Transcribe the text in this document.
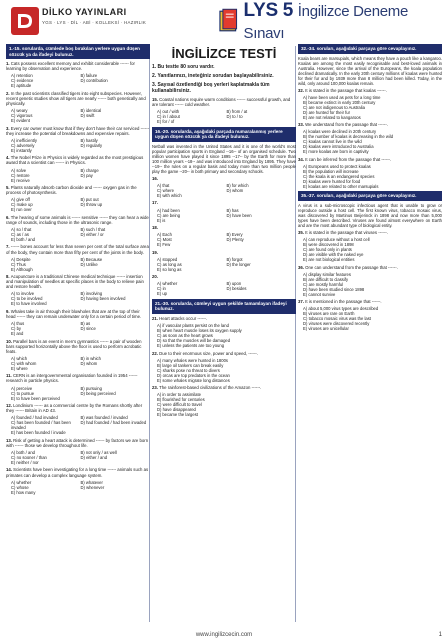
DİLKO YAYINLARI
YGS · LYS · DİL · ABİ · KOLLEKSİ · HAZIRLIK
LYS 5 İngilizce Deneme Sınavı
1.-15. sorularda, cümlede boş bırakılan yerlere uygun düşen sözcük ya da ifadeyi bulunuz.
1. Cats possess excellent memory and exhibit considerable ------ for learning by observation and experience.
A) retention	B) failure
C) evidence	D) contribution
E) aptitude
2. In the past scientists classified tigers into eight subspecies. However, recent genetic studies show all tigers are nearly ------ both genetically and physically.
A) weary	B) identical
C) vigorous	D) swift
E) evident
3. Every car owner must know that if they don't have their car serviced ------ they increase the potential of breakdowns and expensive repairs.
A) inefficiently	B) hastily
C) adversely	D) regularly
E) instantly
4. The Nobel Prize in Physics is widely regarded as the most prestigious award that a scientist can ------ in Physics.
A) solve	B) charge
C) restore	D) pay
E) receive
5. Plants naturally absorb carbon dioxide and ------ oxygen gas in the process of photosynthesis.
A) give off	B) put out
C) make up	D) throw up
E) run over
6. The hearing of some animals is ------ sensitive ------ they can hear a wide range of sounds, including those in the ultrasonic range.
A) so / that	B) such / that
C) as / as	D) either / or
E) both / and
7. ------ bones account for less than seven per cent of the total surface area of the body, they contain more than fifty per cent of the joints in the body.
A) Despite	B) Because
C) Thus	D) Unlike
E) Although
8. Acupuncture is a traditional Chinese medical technique ------ insertion and manipulation of needles at specific places in the body to relieve pain and restore health.
A) to involve	B) involving
C) to be involved	D) having been involved
E) to have involved
9. Whales take in air through their blowholes that are at the top of their head ------ they can remain underwater only for a certain period of time.
A) thus	B) as
C) by	D) since
E) and
10. Parallel bars is an event in men's gymnastics ------ a pair of wooden bars supported horizontally above the floor is used to perform acrobatic feats.
A) which	B) in which
C) with whom	D) whom
E) where
11. CERN is an intergovernmental organisation founded in 1954 ------ research in particle physics.
A) perceive	B) pursuing
C) to pursue	D) being perceived
E) to have been perceived
12. Londinium ------ as a commercial centre by the Romans shortly after they ------ Britain in AD 43.
A) founded / had invaded	B) was founded / invaded
C) has been founded / has been invaded
D) had founded / had been invaded
E) has been founded / invade
13. Risk of getting a heart attack is determined ------ by factors we are born with ------ those we develop throughout life.
A) both / and	B) not only / as well
C) no sooner / than	D) either / and
E) neither / nor
14. Scientists have been investigating for a long time ------ animals such as primates can develop a complex language system.
A) whether	B) whatever
C) whose	D) whenever
E) how many
İNGİLİZCE TESTİ
1. Bu testte 80 soru vardır.
2. Yanıtlarınızı, ineteğiniz sorudan başlayabilirsiniz.
3. Sayısal özetlendiği boş yerleri kaplatmakla tüm kullanabilirsiniz.
15. Coastal nations require warm conditions ------ successful growth, and are tolerant ------ cold weather.
A) out / with	B) from / at
C) in / about	D) to / to
E) for / of
16.-20. sorularda, aşağıdaki parçada numaralanmış yerlere uygun düşen sözcük ya da ifadeyi bulunuz.
Netball was invented in the United States and it is one of the world's most popular participation sports in England --16-- of an organised schedule. Two million women have played it since 1895 --17-- by the Earth for more than 100 million years --18-- and was introduced into England by 1895. They have --19-- the rules on a regular basis and today more than two million people play the game --20-- in both primary and secondary schools.
16.
A) that	B) for which
C) where	D) whom
E) with which
17.
A) had been	B) has
C) are being	D) have been
E) is
18.
A) Each	B) Every
C) Most	D) Plenty
E) Few
19.
A) stopped	B) forgot
C) as long as	D) the longer
E) so long as
20.
A) whether	B) upon
C) in	D) besides
E) up
21.-30. sorularda, cümleyi uygun şekilde tamamlayan ifadeyi bulunuz.
21. Heart attacks occur ------.
A) if vascular plants persist on the land
B) when heart muscle loses its oxygen supply
C) as soon as the heart grows
D) so that the muscles will be damaged
E) unless the patients are too young
22. Due to their enormous size, power and speed, ------.
A) many whales were hunted in 1800s
B) large oil tankers can break easily
C) sharks pose no threat to divers
D) orcas are top predators in the ocean
E) some whales migrate long distances
23. The rainforest-based civilizations of the Amazon ------.
A) in order to assimilate
B) flourished for centuries
C) were difficult to travel
D) have disappeared
E) became the largest
32.-34. soruları, aşağıdaki parçaya göre cevaplayınız.
Koala bears are marsupials, which means they have a pouch like a kangaroo. Koalas are among the most easily recognisable and best-loved animals in Australia. However, since the arrival of the Europeans, the koala population declined dramatically. In the early 20th century millions of koalas were hunted for their fur and by 1939 more than 8 million had been killed. Today, in the wild, only around 100,000 koalas remain.
32. It is stated in the passage that koalas ------.
A) have been used as pets for a long time
B) became extinct in early 20th century
C) are not indigenous to Australia
D) are hunted for their fur
E) are not related to kangaroos
33. We understand from the passage that ------.
A) koalas were declined in 20th century
B) the number of koalas is decreasing in the wild
C) koalas cannot live in the wild
D) koalas were introduced to Australia
E) more koalas are born in captivity
34. It can be inferred from the passage that ------.
A) Europeans used to protect koalas
B) the population will increase
C) the koala is an endangered species
D) koalas were hunted for food
E) koalas are related to other marsupials
35.-37. soruları, aşağıdaki parçaya göre cevaplayınız.
A virus is a sub-microscopic infectious agent that is unable to grow or reproduce outside a host cell. The first known virus, tobacco mosaic virus, was discovered by Martinus Beijerinck in 1898 and now more than 5,000 types have been described. Viruses are found almost everywhere on Earth and are the most abundant type of biological entity.
35. It is stated in the passage that viruses ------.
A) can reproduce without a host cell
B) were discovered in 1898
C) are found only in plants
D) are visible with the naked eye
E) are not biological entities
36. One can understand from the passage that ------.
A) display similar features
B) are difficult to classify
C) are mostly harmful
D) have been studied since 1898
E) cannot survive
37. It is mentioned in the passage that ------.
A) about 5,000 virus types are described
B) viruses are rare on Earth
C) tobacco mosaic virus was the last
D) viruses were discovered recently
E) viruses are unicellular
www.ingilizcecin.com	1
